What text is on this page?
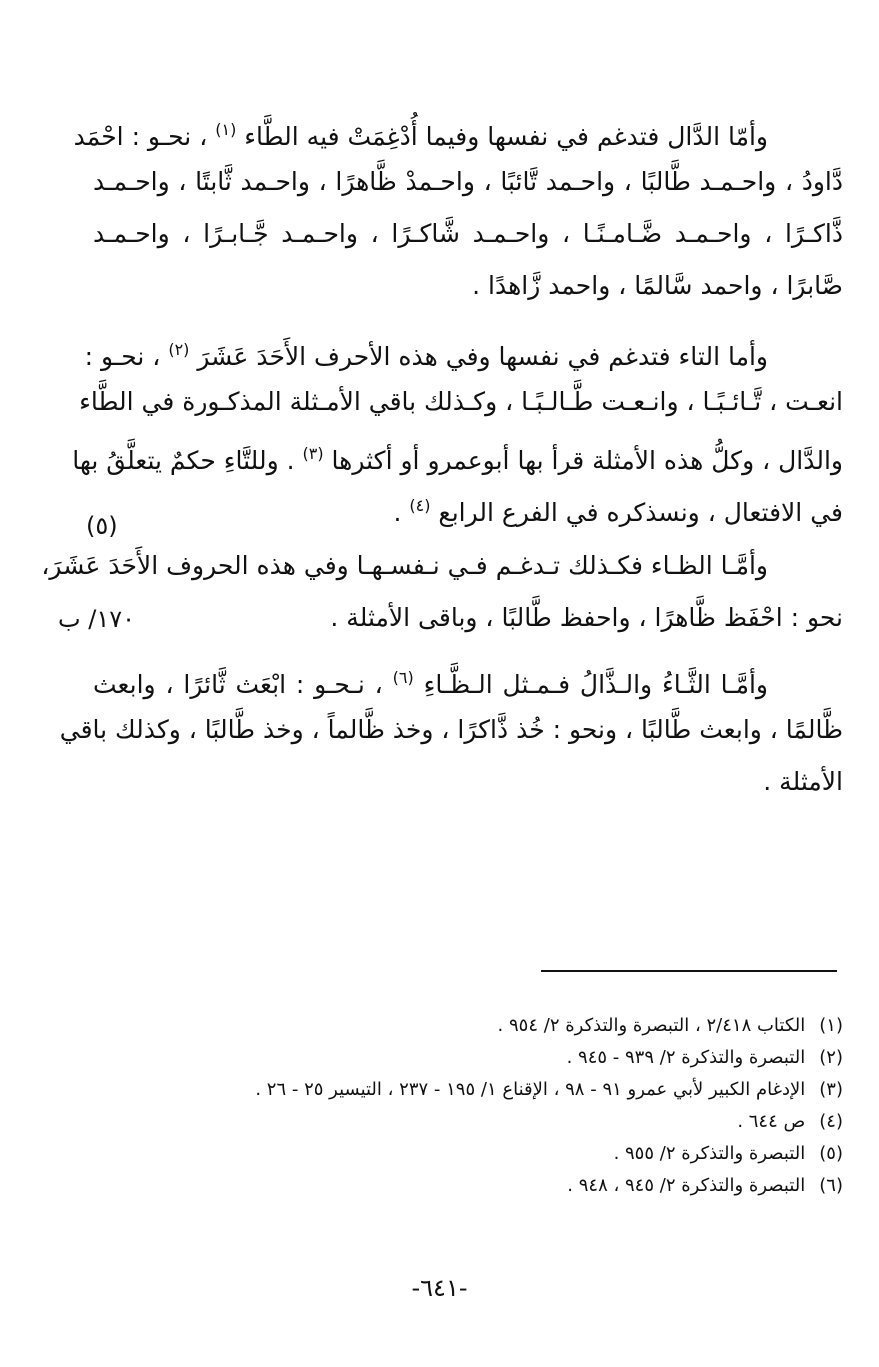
وأمّا الدَّال فتدغم في نفسها وفيما أُدْغِمَتْ فيه الطَّاء $^{(١)}$ ، نحـو : احْمَد
دَّاودُ ، واحـمـد طَّالبًا ، واحـمد تَّائبًا ، واحـمدْ ظَّاهرًا ، واحـمد ثَّابتًا ، واحـمـد
ذَّاكـرًا ، واحـمـد ضَّـامـنًـا ، واحـمـد شَّاكـرًا ، واحـمـد جَّـابـرًا ، واحـمـد
صَّابرًا ، واحمد سَّالمًا ، واحمد زَّاهدًا .
وأما التاء فتدغم في نفسها وفي هذه الأحرف الأَحَدَ عَشَرَ $^{(٢)}$ ، نحـو :
انعـت ، تَّـائـبًـا ، وانـعـت طَّـالـبًـا ، وكـذلك باقي الأمـثلة المذكـورة في الطَّاء
والدَّال ، وكلُّ هذه الأمثلة قرأ بها أبوعمرو أو أكثرها $^{(٣)}$ . وللتَّاءِ حكمٌ يتعلَّقُ بها
في الافتعال ، ونسذكره في الفرع الرابع $^{(٤)}$ .
(٥)
وأمَّـا الظـاء فكـذلك تـدغـم فـي نـفسـهـا وفي هذه الحروف الأَحَدَ عَشَرَ،
نحو : احْفَظ ظَّاهرًا ، واحفظ طَّالبًا ، وباقى الأمثلة .
١٧٠/ ب
وأمَّـا الثَّـاءُ والـذَّالُ فـمـثل الـظَّـاءِ $^{(٦)}$ ، نـحـو : ابْعَث ثَّائرًا ، وابعث
ظَّالمًا ، وابعث طَّالبًا ، ونحو : خُذ ذَّاكرًا ، وخذ ظَّالماً ، وخذ طَّالبًا ، وكذلك باقي
الأمثلة .
(١) الكتاب ٢/٤١٨ ، التبصرة والتذكرة ٢/ ٩٥٤ .
(٢) التبصرة والتذكرة ٢/ ٩٣٩ - ٩٤٥ .
(٣) الإدغام الكبير لأبي عمرو ٩١ - ٩٨ ، الإقناع ١/ ١٩٥ - ٢٣٧ ، التيسير ٢٥ - ٢٦ .
(٤) ص ٦٤٤ .
(٥) التبصرة والتذكرة ٢/ ٩٥٥ .
(٦) التبصرة والتذكرة ٢/ ٩٤٥ ، ٩٤٨ .
-٦٤١-
